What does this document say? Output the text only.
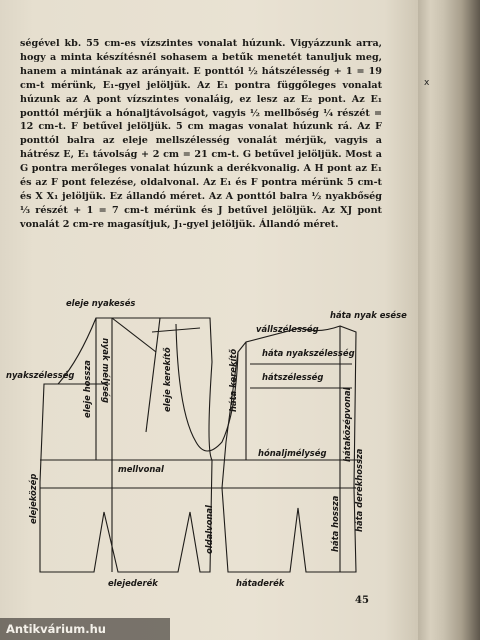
ségével kb. 55 cm-es vízszintes vonalat húzunk. Vigyázzunk arra, hogy a minta készítésnél sohasem a betűk menetét tanuljuk meg, hanem a mintának az arányait. E ponttól ½ hátszélesség + 1 = 19 cm-t mérünk, E₁-gyel jelöljük. Az E₁ pontra függőleges vonalat húzunk az A pont vízszintes vonaláig, ez lesz az E₂ pont. Az E₁ ponttól mérjük a hónaljtávolságot, vagyis ½ mellbőség ¼ részét = 12 cm-t. F betűvel jelöljük. 5 cm magas vonalat húzunk rá. Az F ponttól balra az eleje mellszélesség vonalát mérjük, vagyis a hátrész E, E₁ távolság + 2 cm = 21 cm-t. G betűvel jelöljük. Most a G pontra merőleges vonalat húzunk a derékvonalig. A H pont az E₁ és az F pont felezése, oldalvonal. Az E₁ és F pontra mérünk 5 cm-t és X X₁ jelöljük. Ez állandó méret. Az A ponttól balra ½ nyakbőség ⅓ részét + 1 = 7 cm-t mérünk és J betűvel jelöljük. Az XJ pont vonalát 2 cm-re magasítjuk, J₁-gyel jelöljük. Állandó méret.

eleje nyakesés
nyakszélesség	nyak mélység
eleje hossza
elejeközép
eleje kerekítő	háta kerekítő
mellvonal
oldalvonal
elejederék
vállszélesség
háta nyak esése
háta nyakszélesség
hátszélesség
hónaljmélység hátaközépvonal
háta hossza háta derékhossza
hátaderék
45
x
Antikvárium.hu
